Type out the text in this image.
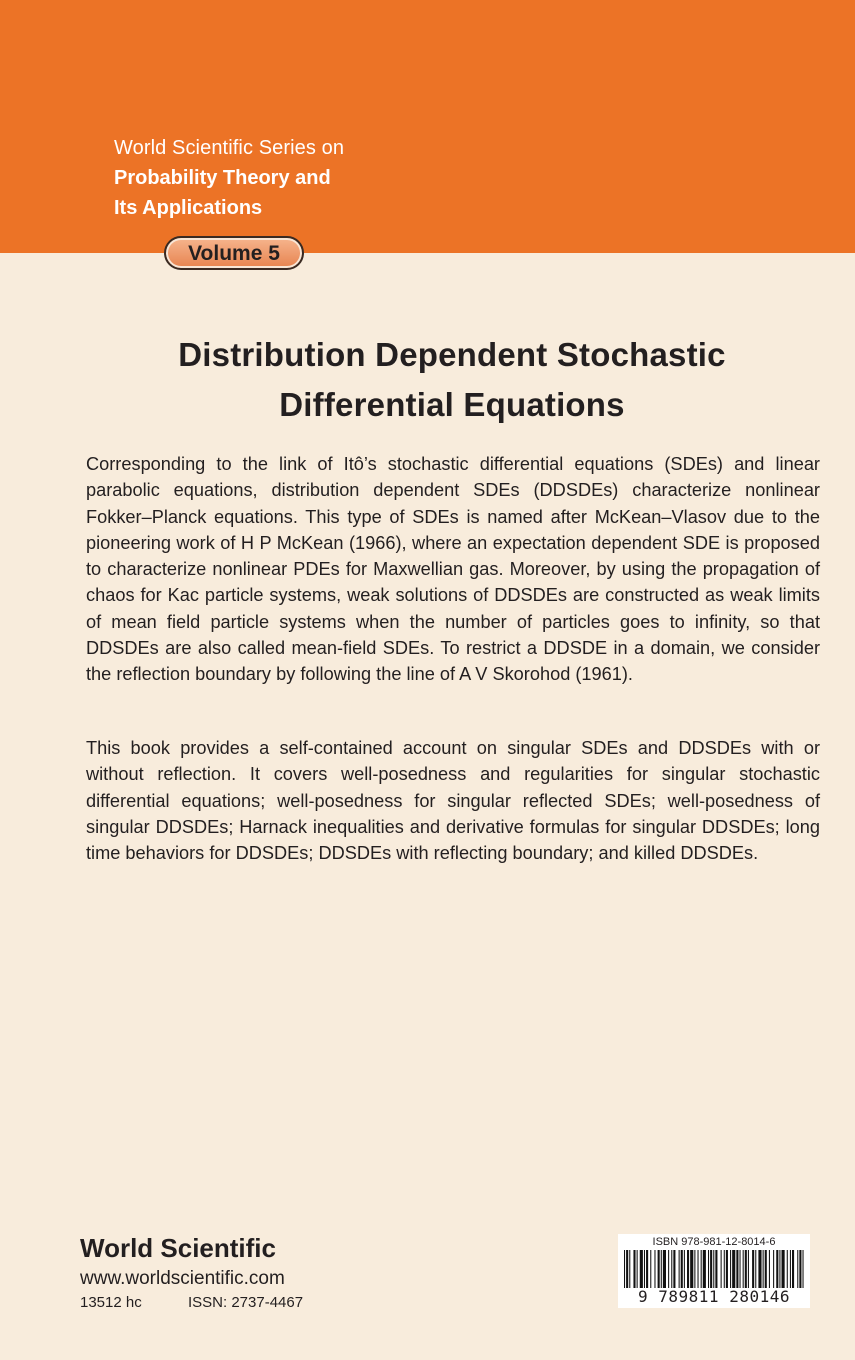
World Scientific Series on
Probability Theory and
Its Applications
Volume 5
Distribution Dependent Stochastic
Differential Equations

Corresponding to the link of Itô’s stochastic differential equations (SDEs) and linear parabolic equations, distribution dependent SDEs (DDSDEs) characterize nonlinear Fokker–Planck equations. This type of SDEs is named after McKean–Vlasov due to the pioneering work of H P McKean (1966), where an expectation dependent SDE is proposed to characterize nonlinear PDEs for Maxwellian gas. Moreover, by using the propagation of chaos for Kac particle systems, weak solutions of DDSDEs are constructed as weak limits of mean field particle systems when the number of particles goes to infinity, so that DDSDEs are also called mean-field SDEs. To restrict a DDSDE in a domain, we consider the reflection boundary by following the line of A V Skorohod (1961).

This book provides a self-contained account on singular SDEs and DDSDEs with or without reflection. It covers well-posedness and regularities for singular stochastic differential equations; well-posedness for singular reflected SDEs; well-posedness of singular DDSDEs; Harnack inequalities and derivative formulas for singular DDSDEs; long time behaviors for DDSDEs; DDSDEs with reflecting boundary; and killed DDSDEs.

World Scientific
www.worldscientific.com
13512 hc	ISSN: 2737-4467
ISBN 978-981-12-8014-6
9 789811 280146
